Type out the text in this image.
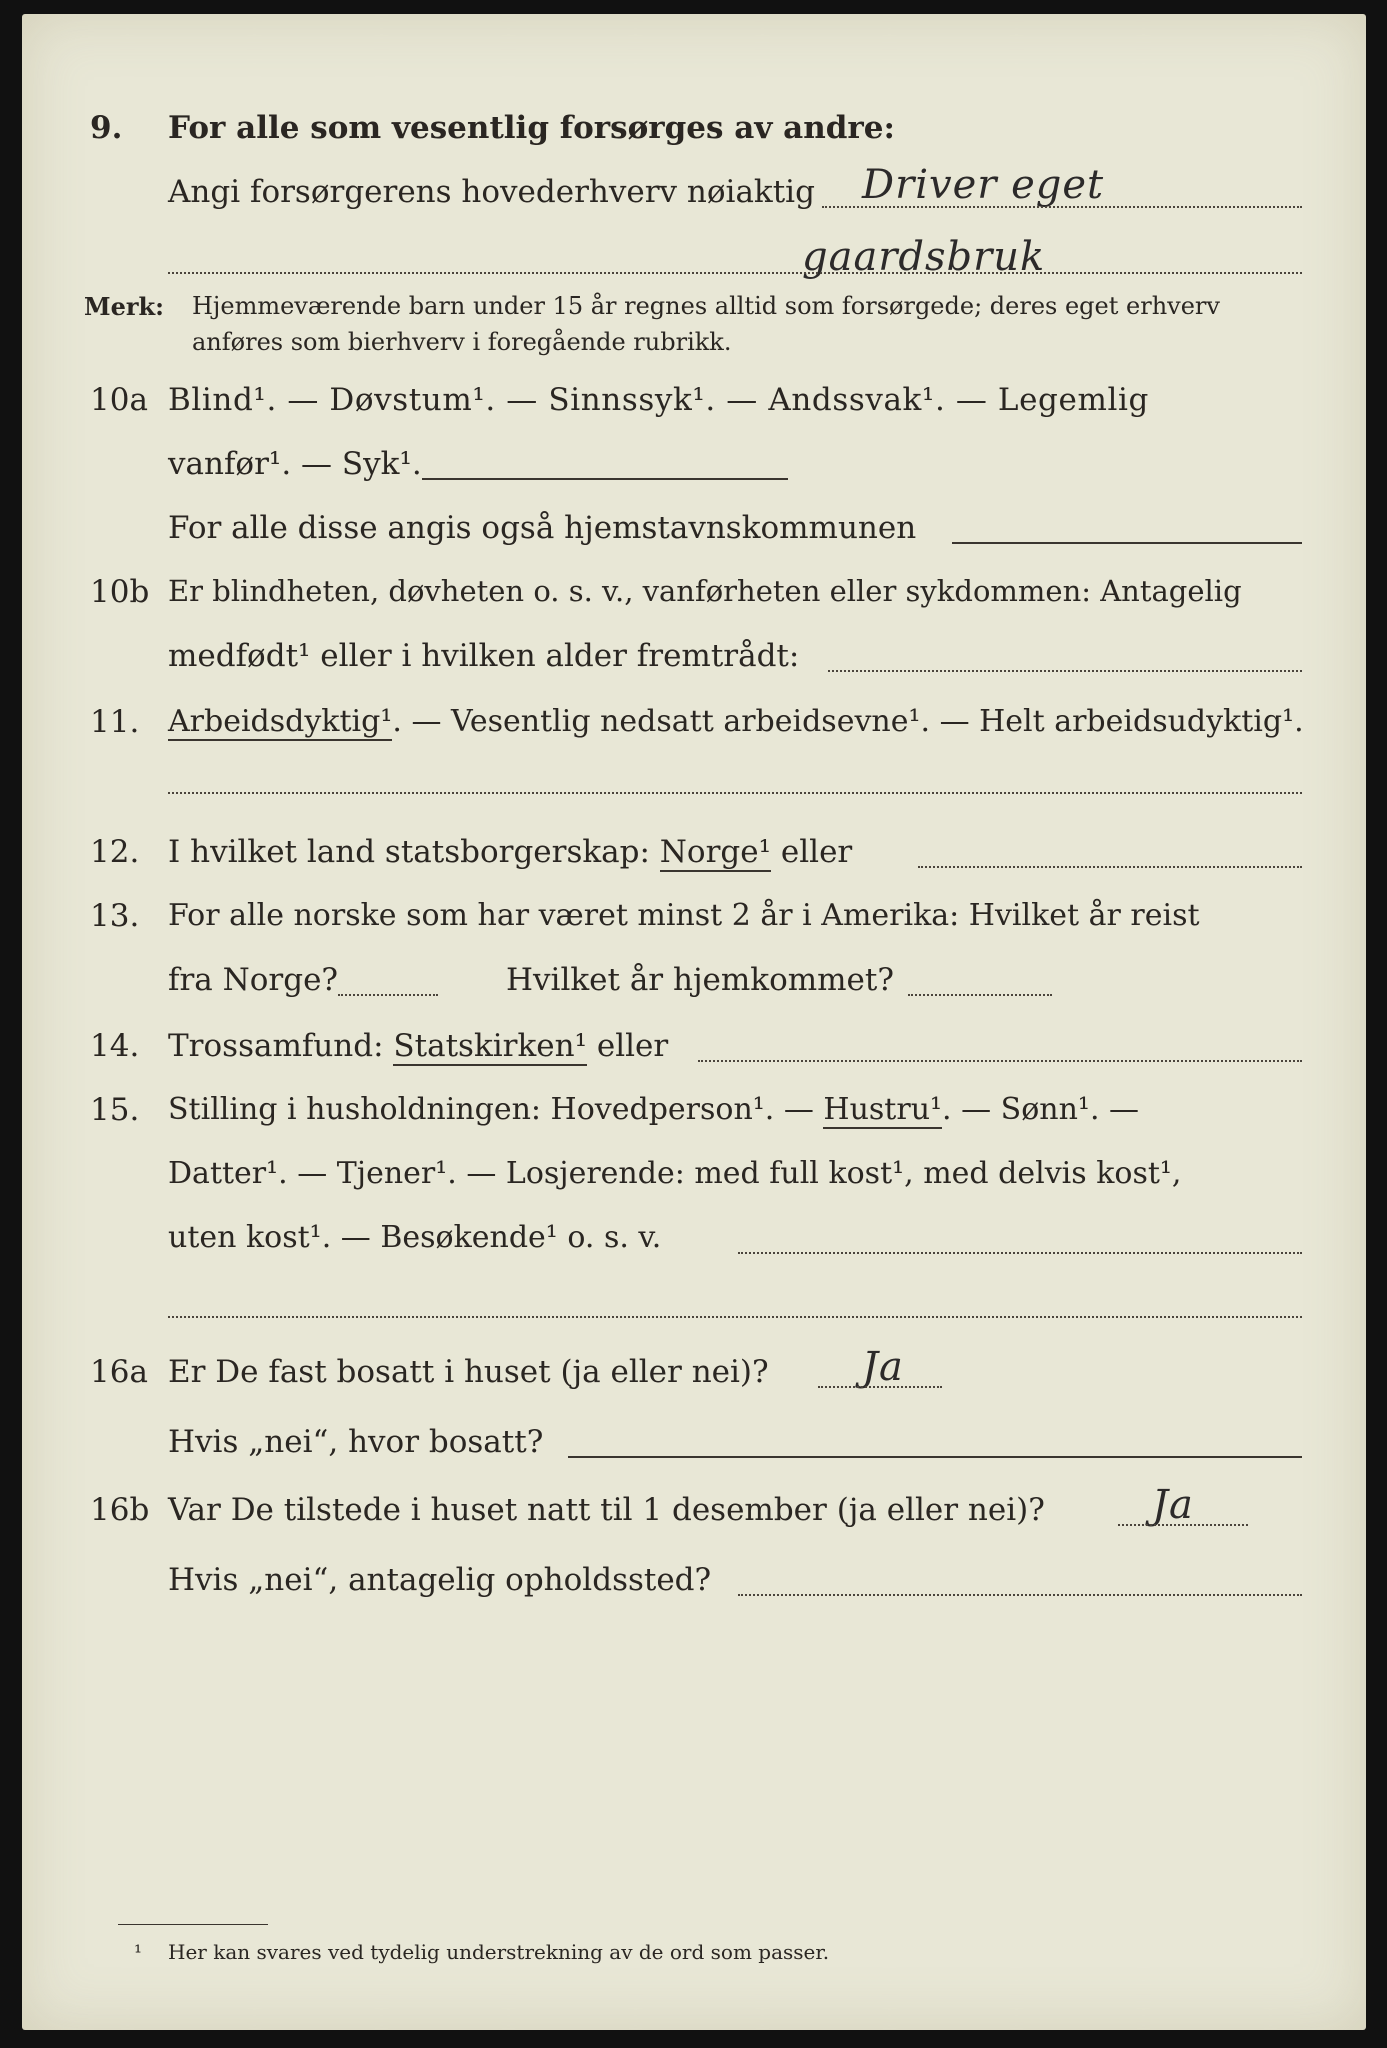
9. For alle som vesentlig forsørges av andre:
Angi forsørgerens hovederhverv nøiaktig Driver eget
gaardsbruk
Merk: Hjemmeværende barn under 15 år regnes alltid som forsørgede; deres eget erhverv
anføres som bierhverv i foregående rubrikk.
10a Blind¹. — Døvstum¹. — Sinnssyk¹. — Andssvak¹. — Legemlig
vanfør¹. — Syk¹.
For alle disse angis også hjemstavnskommunen
10b Er blindheten, døvheten o. s. v., vanførheten eller sykdommen: Antagelig
medfødt¹ eller i hvilken alder fremtrådt:
11. Arbeidsdyktig¹. — Vesentlig nedsatt arbeidsevne¹. — Helt arbeidsudyktig¹.
12. I hvilket land statsborgerskap: Norge¹ eller
13. For alle norske som har været minst 2 år i Amerika: Hvilket år reist
fra Norge?	Hvilket år hjemkommet?
14. Trossamfund: Statskirken¹ eller
15. Stilling i husholdningen: Hovedperson¹. — Hustru¹. — Sønn¹. —
Datter¹. — Tjener¹. — Losjerende: med full kost¹, med delvis kost¹,
uten kost¹. — Besøkende¹ o. s. v.
16a Er De fast bosatt i huset (ja eller nei)? Ja
Hvis „nei“, hvor bosatt?
16b Var De tilstede i huset natt til 1 desember (ja eller nei)?	Ja
Hvis „nei“, antagelig opholdssted?
¹ Her kan svares ved tydelig understrekning av de ord som passer.
